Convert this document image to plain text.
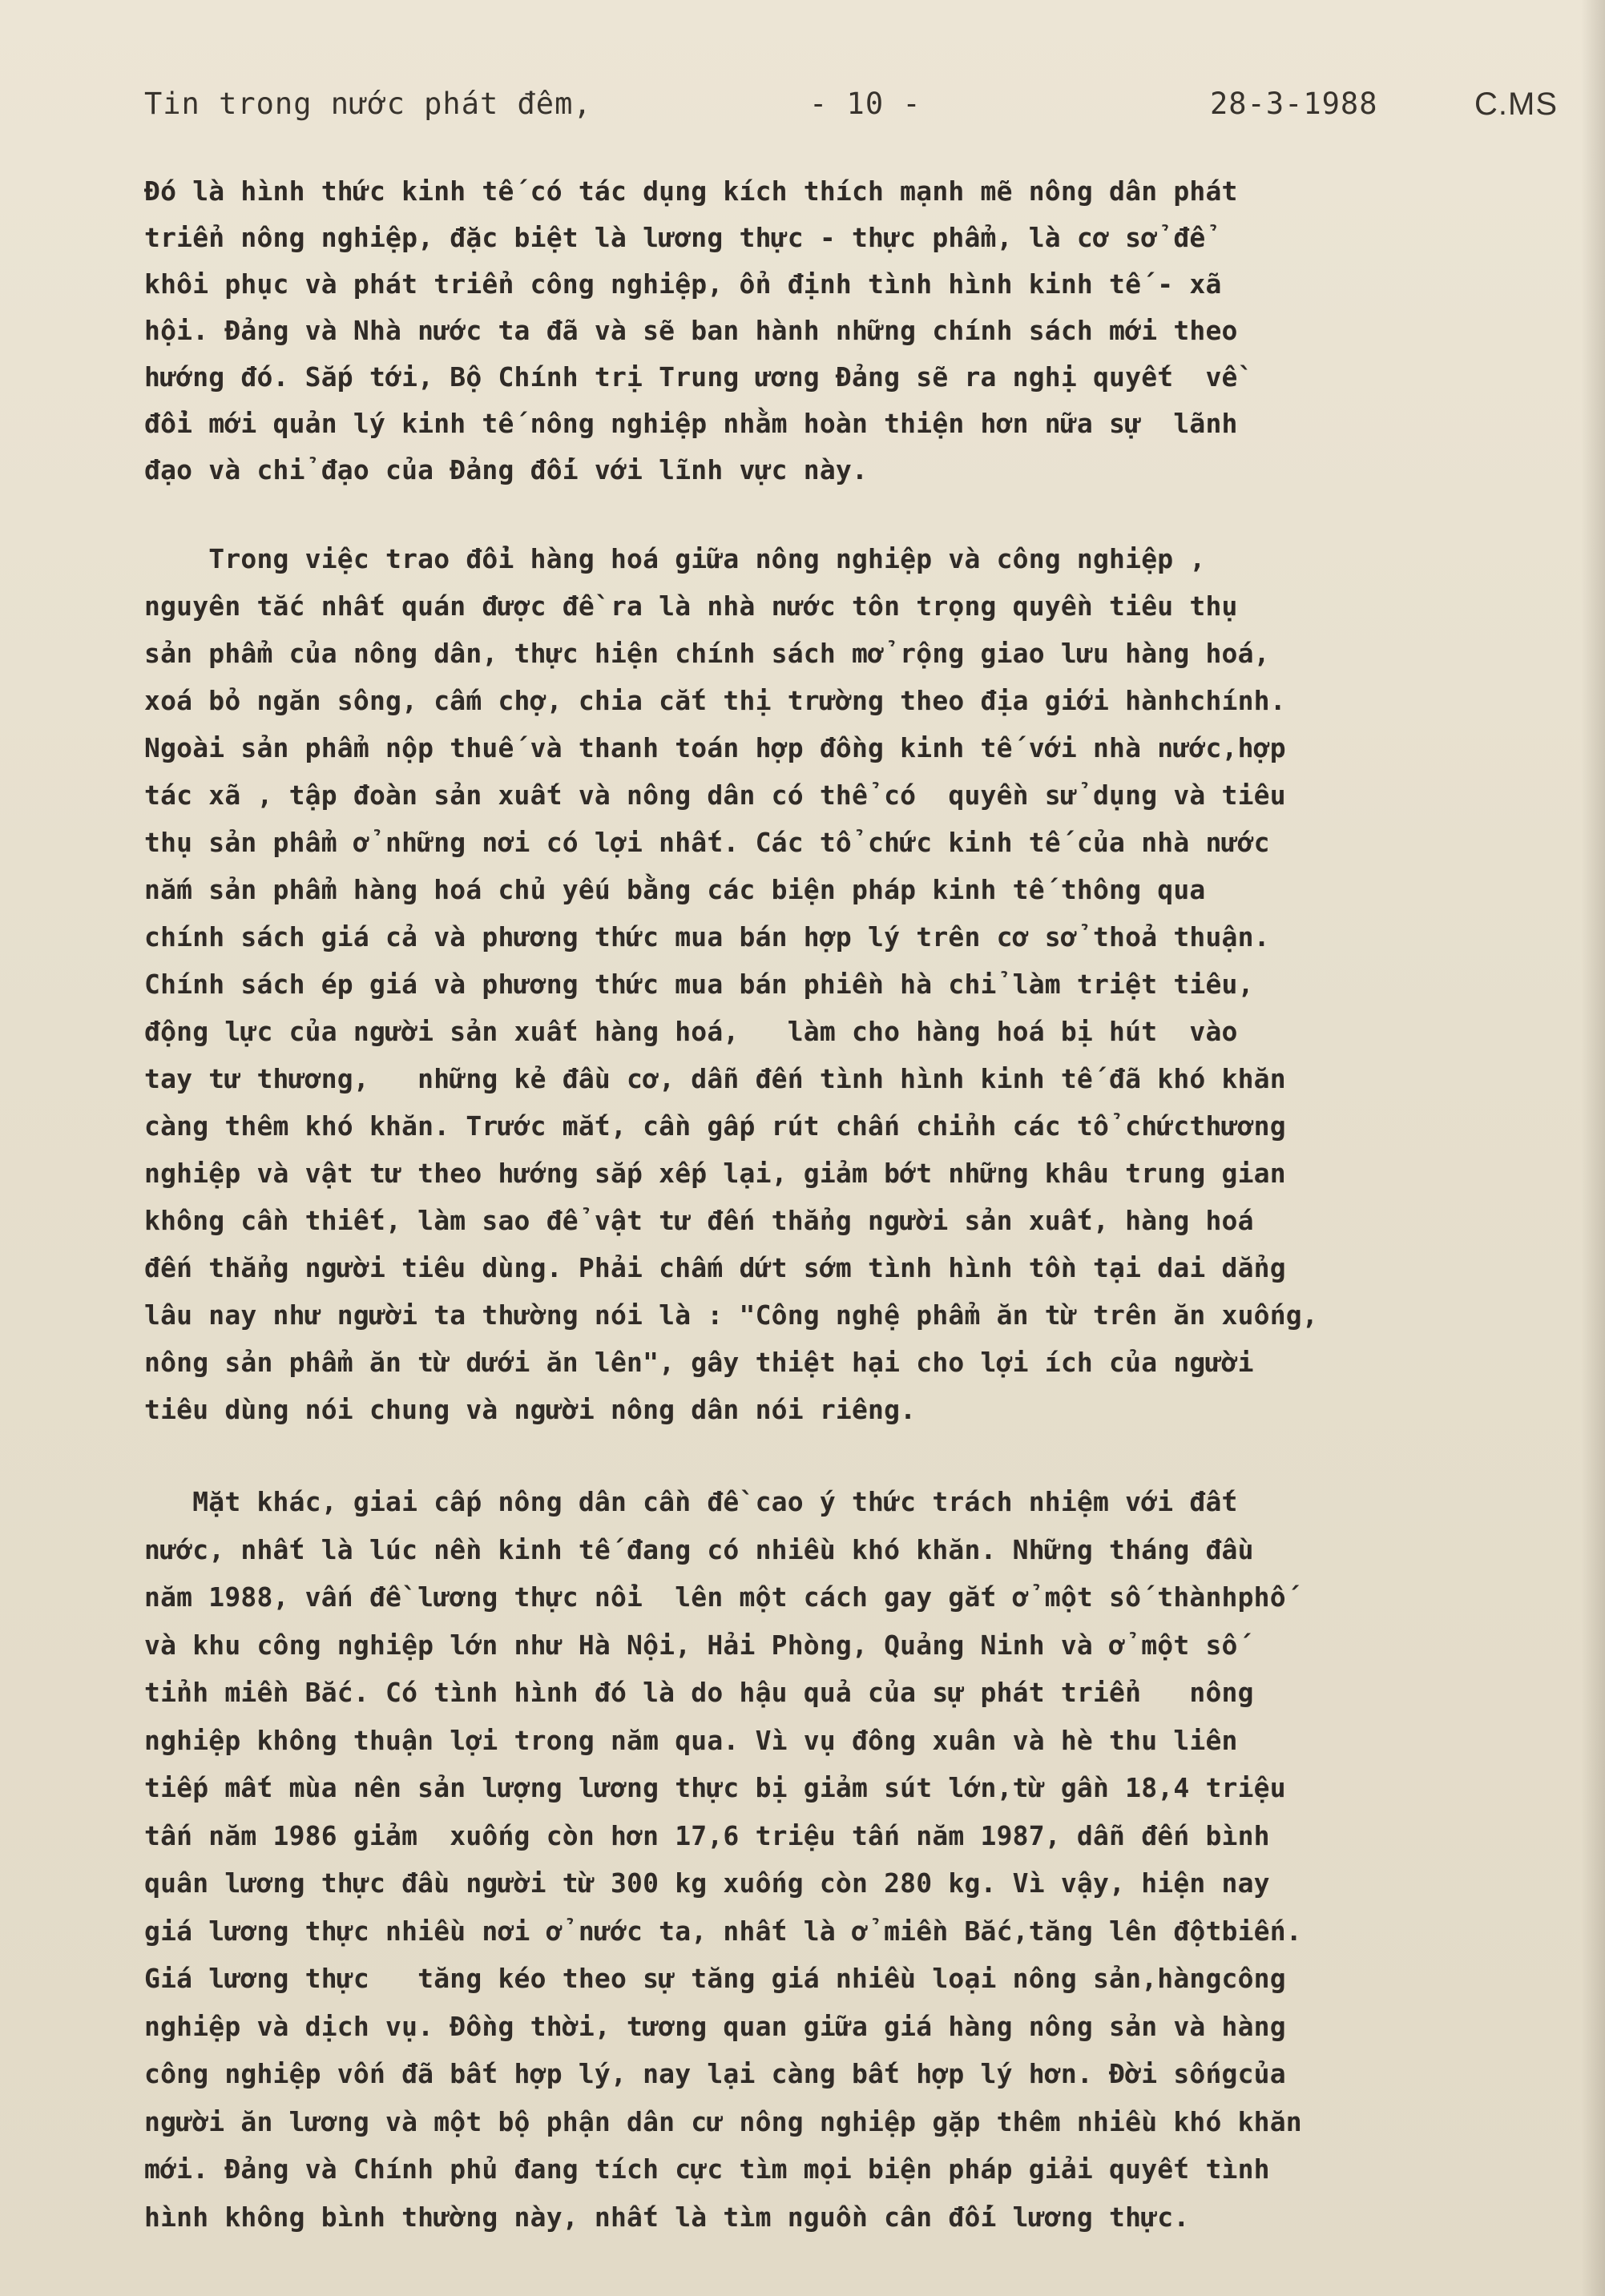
Tin trong nước phát đêm,	- 10 -	28-3-1988	C.MS
Đó là hình thức kinh tế có tác dụng kích thích mạnh mẽ nông dân phát
triển nông nghiệp, đặc biệt là lương thực - thực phẩm, là cơ sở để
khôi phục và phát triển công nghiệp, ổn định tình hình kinh tế - xã
hội. Đảng và Nhà nước ta đã và sẽ ban hành những chính sách mới theo
hướng đó. Sắp tới, Bộ Chính trị Trung ương Đảng sẽ ra nghị quyết  về
đổi mới quản lý kinh tế nông nghiệp nhằm hoàn thiện hơn nữa sự  lãnh
đạo và chỉ đạo của Đảng đối với lĩnh vực này.
Trong việc trao đổi hàng hoá giữa nông nghiệp và công nghiệp ,
nguyên tắc nhất quán được đề ra là nhà nước tôn trọng quyền tiêu thụ
sản phẩm của nông dân, thực hiện chính sách mở rộng giao lưu hàng hoá,
xoá bỏ ngăn sông, cấm chợ, chia cắt thị trường theo địa giới hànhchính.
Ngoài sản phẩm nộp thuế và thanh toán hợp đồng kinh tế với nhà nước,hợp
tác xã , tập đoàn sản xuất và nông dân có thể có  quyền sử dụng và tiêu
thụ sản phẩm ở những nơi có lợi nhất. Các tổ chức kinh tế của nhà nước
nắm sản phẩm hàng hoá chủ yếu bằng các biện pháp kinh tế thông qua
chính sách giá cả và phương thức mua bán hợp lý trên cơ sở thoả thuận.
Chính sách ép giá và phương thức mua bán phiền hà chỉ làm triệt tiêu,
động lực của người sản xuất hàng hoá,   làm cho hàng hoá bị hút  vào
tay tư thương,   những kẻ đầu cơ, dẫn đến tình hình kinh tế đã khó khăn
càng thêm khó khăn. Trước mắt, cần gấp rút chấn chỉnh các tổ chứcthương
nghiệp và vật tư theo hướng sắp xếp lại, giảm bớt những khâu trung gian
không cần thiết, làm sao để vật tư đến thẳng người sản xuất, hàng hoá
đến thẳng người tiêu dùng. Phải chấm dứt sớm tình hình tồn tại dai dẳng
lâu nay như người ta thường nói là : "Công nghệ phẩm ăn từ trên ăn xuống,
nông sản phẩm ăn từ dưới ăn lên", gây thiệt hại cho lợi ích của người
tiêu dùng nói chung và người nông dân nói riêng.
Mặt khác, giai cấp nông dân cần đề cao ý thức trách nhiệm với đất
nước, nhất là lúc nền kinh tế đang có nhiều khó khăn. Những tháng đầu
năm 1988, vấn đề lương thực nổi  lên một cách gay gắt ở một số thànhphố
và khu công nghiệp lớn như Hà Nội, Hải Phòng, Quảng Ninh và ở một số
tỉnh miền Bắc. Có tình hình đó là do hậu quả của sự phát triển   nông
nghiệp không thuận lợi trong năm qua. Vì vụ đông xuân và hè thu liên
tiếp mất mùa nên sản lượng lương thực bị giảm sút lớn,từ gần 18,4 triệu
tấn năm 1986 giảm  xuống còn hơn 17,6 triệu tấn năm 1987, dẫn đến bình
quân lương thực đầu người từ 300 kg xuống còn 280 kg. Vì vậy, hiện nay
giá lương thực nhiều nơi ở nước ta, nhất là ở miền Bắc,tăng lên độtbiến.
Giá lương thực   tăng kéo theo sự tăng giá nhiều loại nông sản,hàngcông
nghiệp và dịch vụ. Đồng thời, tương quan giữa giá hàng nông sản và hàng
công nghiệp vốn đã bất hợp lý, nay lại càng bất hợp lý hơn. Đời sốngcủa
người ăn lương và một bộ phận dân cư nông nghiệp gặp thêm nhiều khó khăn
mới. Đảng và Chính phủ đang tích cực tìm mọi biện pháp giải quyết tình
hình không bình thường này, nhất là tìm nguồn cân đối lương thực.
